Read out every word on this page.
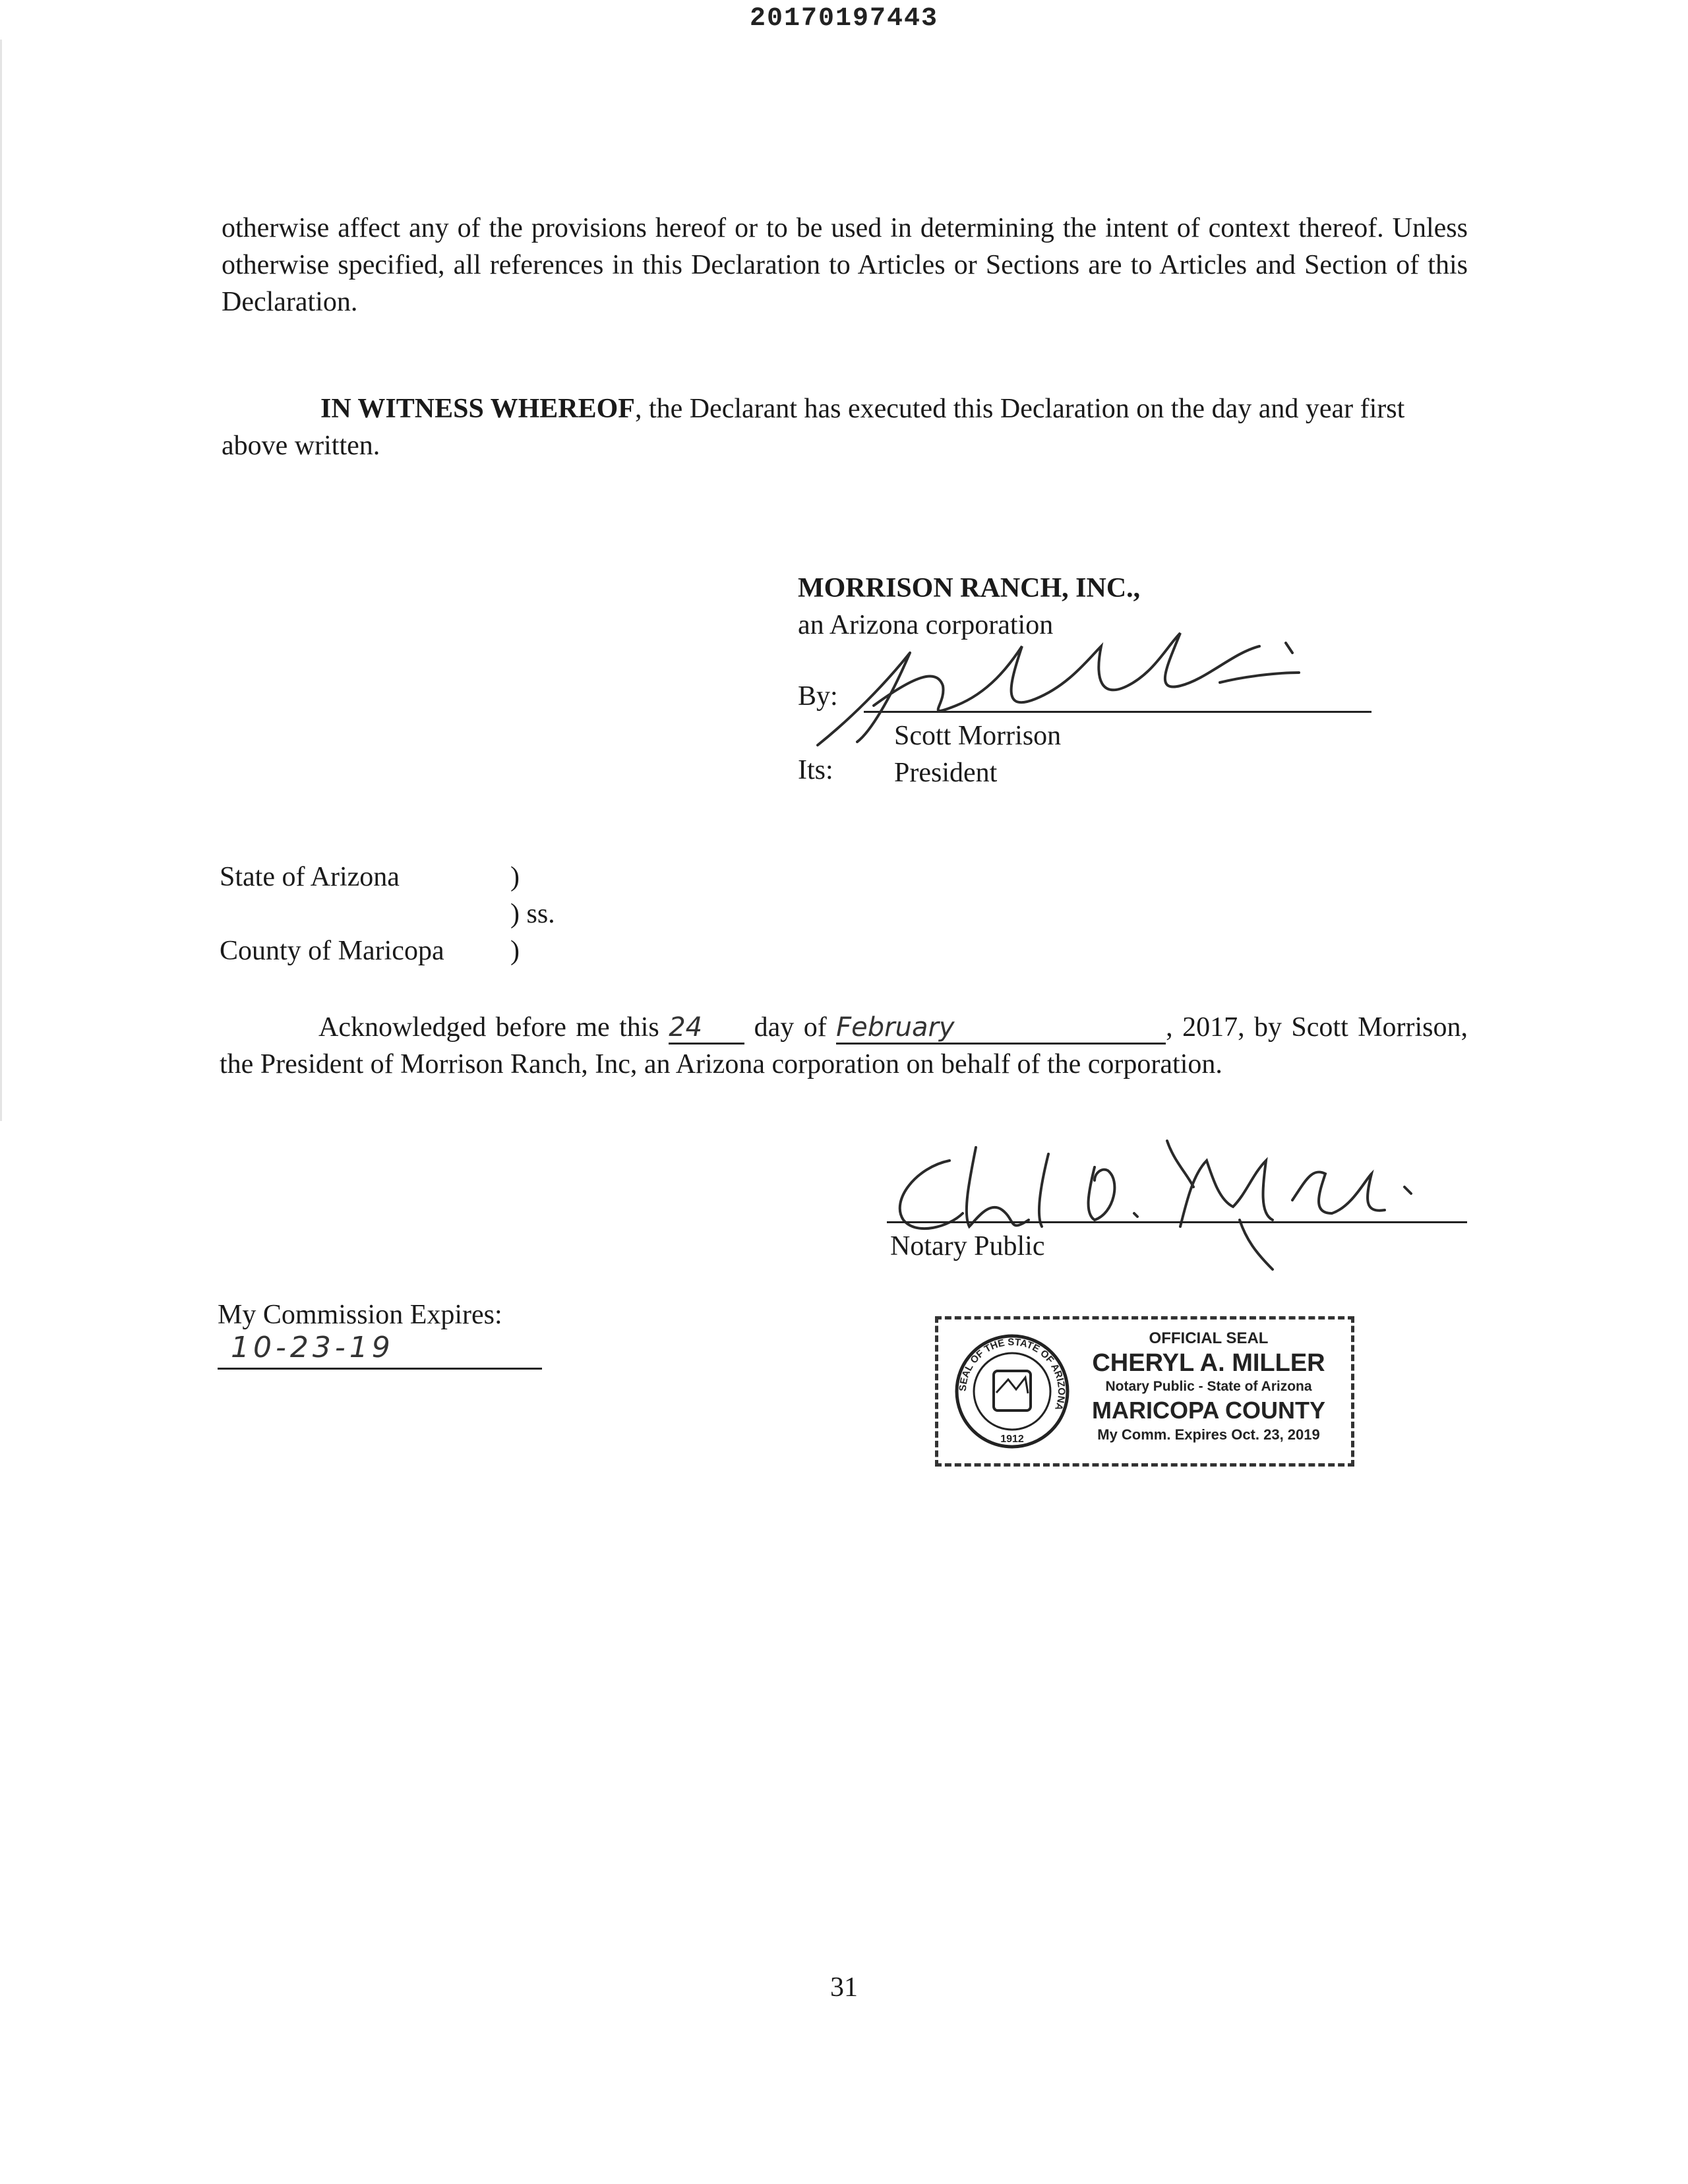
20170197443
otherwise affect any of the provisions hereof or to be used in determining the intent of context thereof. Unless otherwise specified, all references in this Declaration to Articles or Sections are to Articles and Section of this Declaration.
IN WITNESS WHEREOF, the Declarant has executed this Declaration on the day and year first above written.
MORRISON RANCH, INC.,
an Arizona corporation
By:
Scott Morrison
Its: President
State of Arizona	)
) ss.
County of Maricopa )
Acknowledged before me this 24 day of February	, 2017, by Scott Morrison, the President of Morrison Ranch, Inc, an Arizona corporation on behalf of the corporation.
Notary Public
My Commission Expires:
10-23-19
SEAL OF THE STATE OF ARIZONA
1912
OFFICIAL SEAL
CHERYL A. MILLER
Notary Public - State of Arizona
MARICOPA COUNTY
My Comm. Expires Oct. 23, 2019
31
